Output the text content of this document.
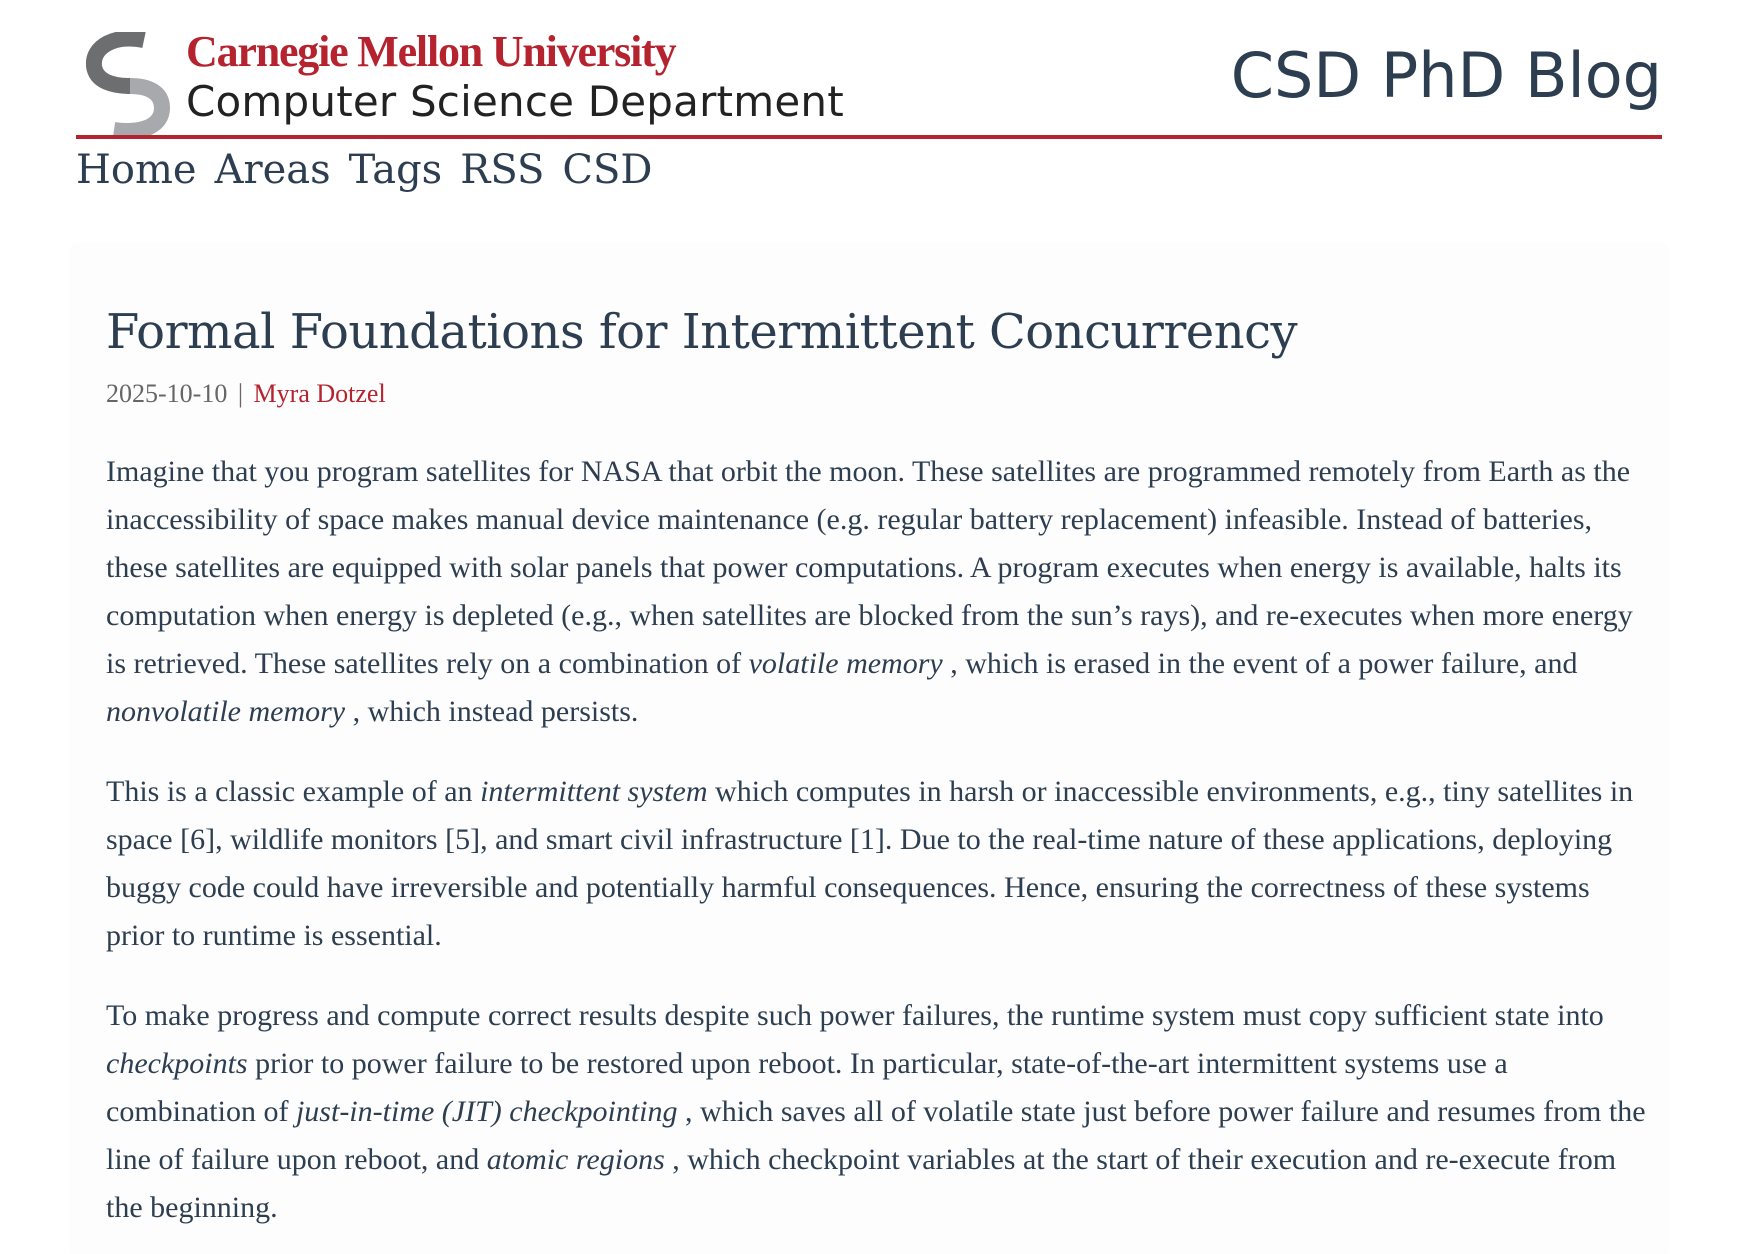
Carnegie Mellon University
Computer Science Department	CSD PhD Blog
Home Areas Tags RSS CSD
Formal Foundations for Intermittent Concurrency
2025-10-10 | Myra Dotzel

Imagine that you program satellites for NASA that orbit the moon. These satellites are programmed remotely from Earth as the inaccessibility of space makes manual device maintenance (e.g. regular battery replacement) infeasible. Instead of batteries, these satellites are equipped with solar panels that power computations. A program executes when energy is available, halts its computation when energy is depleted (e.g., when satellites are blocked from the sun’s rays), and re-executes when more energy is retrieved. These satellites rely on a combination of volatile memory , which is erased in the event of a power failure, and nonvolatile memory , which instead persists.

This is a classic example of an intermittent system which computes in harsh or inaccessible environments, e.g., tiny satellites in space [6], wildlife monitors [5], and smart civil infrastructure [1]. Due to the real-time nature of these applications, deploying buggy code could have irreversible and potentially harmful consequences. Hence, ensuring the correctness of these systems prior to runtime is essential.

To make progress and compute correct results despite such power failures, the runtime system must copy sufficient state into checkpoints prior to power failure to be restored upon reboot. In particular, state-of-the-art intermittent systems use a combination of just-in-time (JIT) checkpointing , which saves all of volatile state just before power failure and resumes from the line of failure upon reboot, and atomic regions , which checkpoint variables at the start of their execution and re-execute from the beginning.
